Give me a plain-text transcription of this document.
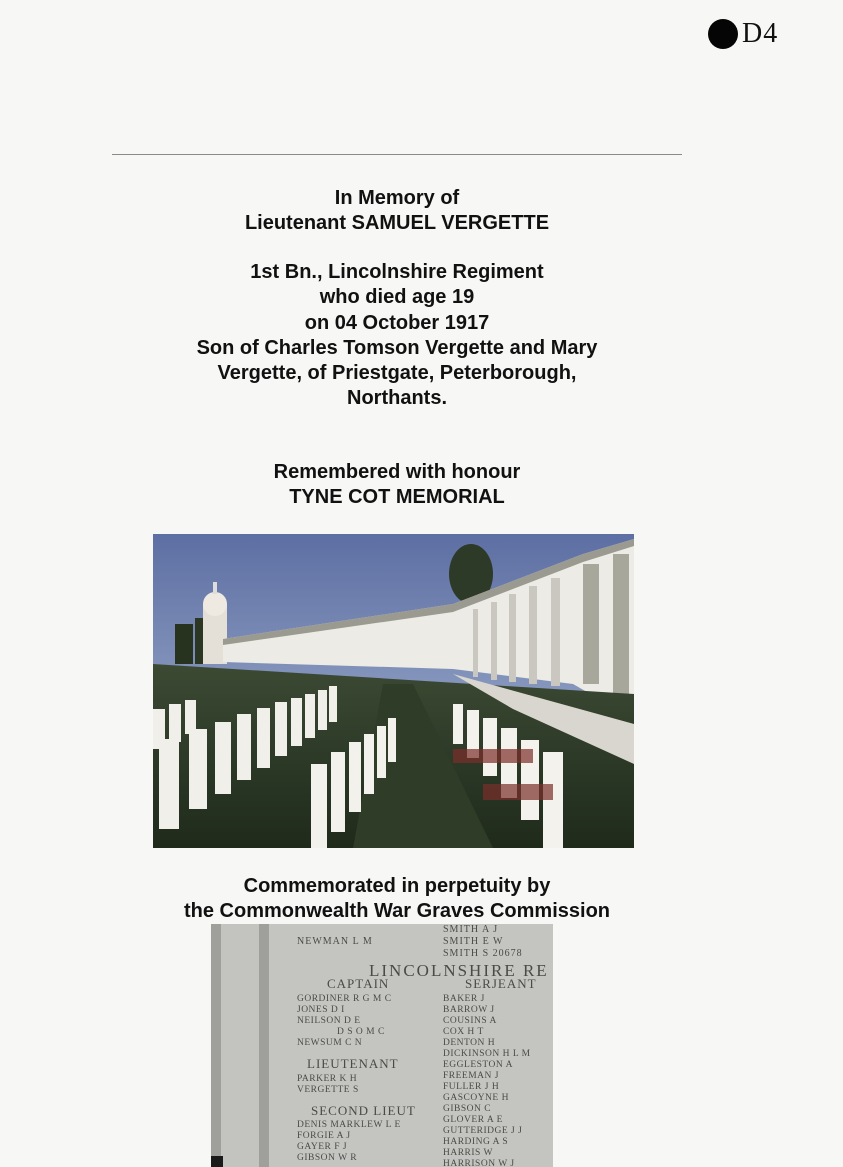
D4
In Memory of
Lieutenant SAMUEL VERGETTE
1st Bn., Lincolnshire Regiment
who died age 19
on 04 October 1917
Son of Charles Tomson Vergette and Mary
Vergette, of Priestgate, Peterborough,
Northants.
Remembered with honour
TYNE COT MEMORIAL
Commemorated in perpetuity by
the Commonwealth War Graves Commission
NEWMAN L M
SMITH A J
SMITH E W
SMITH S 20678
LINCOLNSHIRE RE
CAPTAIN	SERJEANT
LIEUTENANT
SECOND LIEUT
GORDINER R G M C
JONES D I
NEILSON D E
D S O M C
NEWSUM C N
PARKER K H
VERGETTE S
DENIS MARKLEW L E
FORGIE A J
GAYER F J
GIBSON W R
BAKER J
BARROW J
COUSINS A
COX H T
DENTON H
DICKINSON H L M
EGGLESTON A
FREEMAN J
FULLER J H
GASCOYNE H
GIBSON C
GLOVER A E
GUTTERIDGE J J
HARDING A S
HARRIS W
HARRISON W J
